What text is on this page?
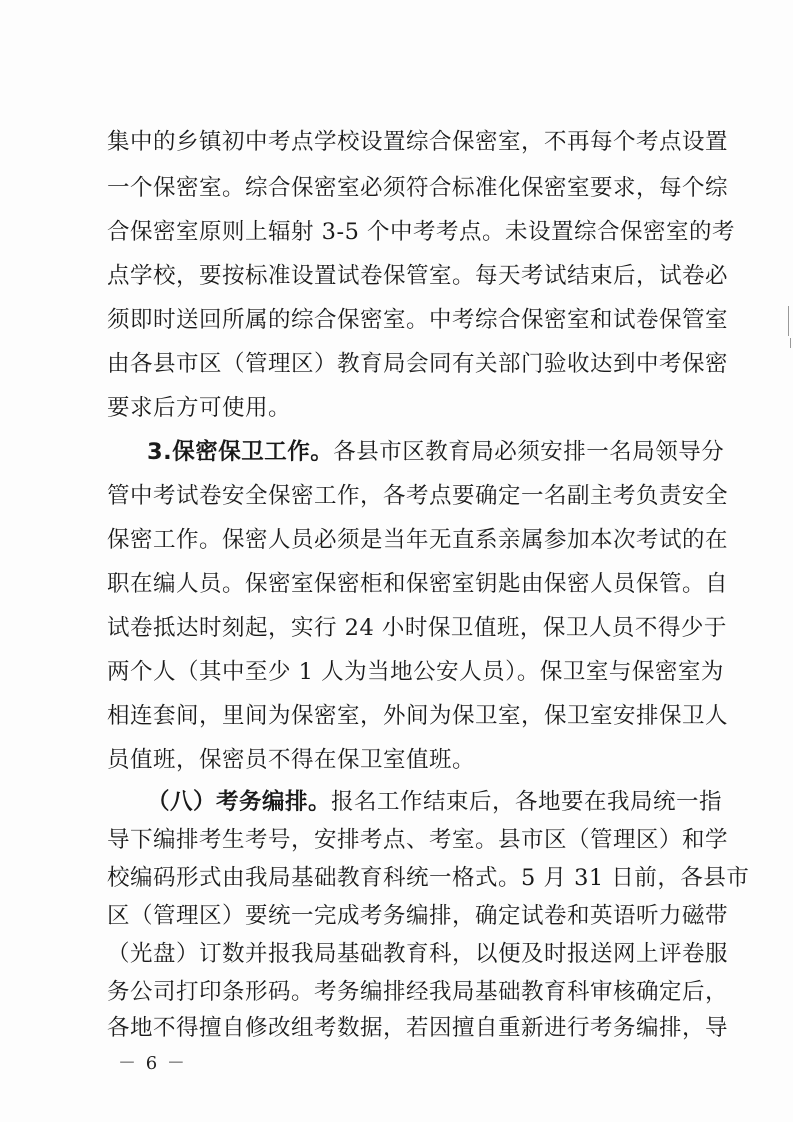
集中的乡镇初中考点学校设置综合保密室，不再每个考点设置
一个保密室。综合保密室必须符合标准化保密室要求，每个综
合保密室原则上辐射 3-5 个中考考点。未设置综合保密室的考
点学校，要按标准设置试卷保管室。每天考试结束后，试卷必
须即时送回所属的综合保密室。中考综合保密室和试卷保管室
由各县市区（管理区）教育局会同有关部门验收达到中考保密
要求后方可使用。
3.保密保卫工作。各县市区教育局必须安排一名局领导分
管中考试卷安全保密工作，各考点要确定一名副主考负责安全
保密工作。保密人员必须是当年无直系亲属参加本次考试的在
职在编人员。保密室保密柜和保密室钥匙由保密人员保管。自
试卷抵达时刻起，实行 24 小时保卫值班，保卫人员不得少于
两个人（其中至少 1 人为当地公安人员）。保卫室与保密室为
相连套间，里间为保密室，外间为保卫室，保卫室安排保卫人
员值班，保密员不得在保卫室值班。
（八）考务编排。报名工作结束后，各地要在我局统一指
导下编排考生考号，安排考点、考室。县市区（管理区）和学
校编码形式由我局基础教育科统一格式。5 月 31 日前，各县市
区（管理区）要统一完成考务编排，确定试卷和英语听力磁带
（光盘）订数并报我局基础教育科，以便及时报送网上评卷服
务公司打印条形码。考务编排经我局基础教育科审核确定后，
－ 6 －
各地不得擅自修改组考数据，若因擅自重新进行考务编排，导
